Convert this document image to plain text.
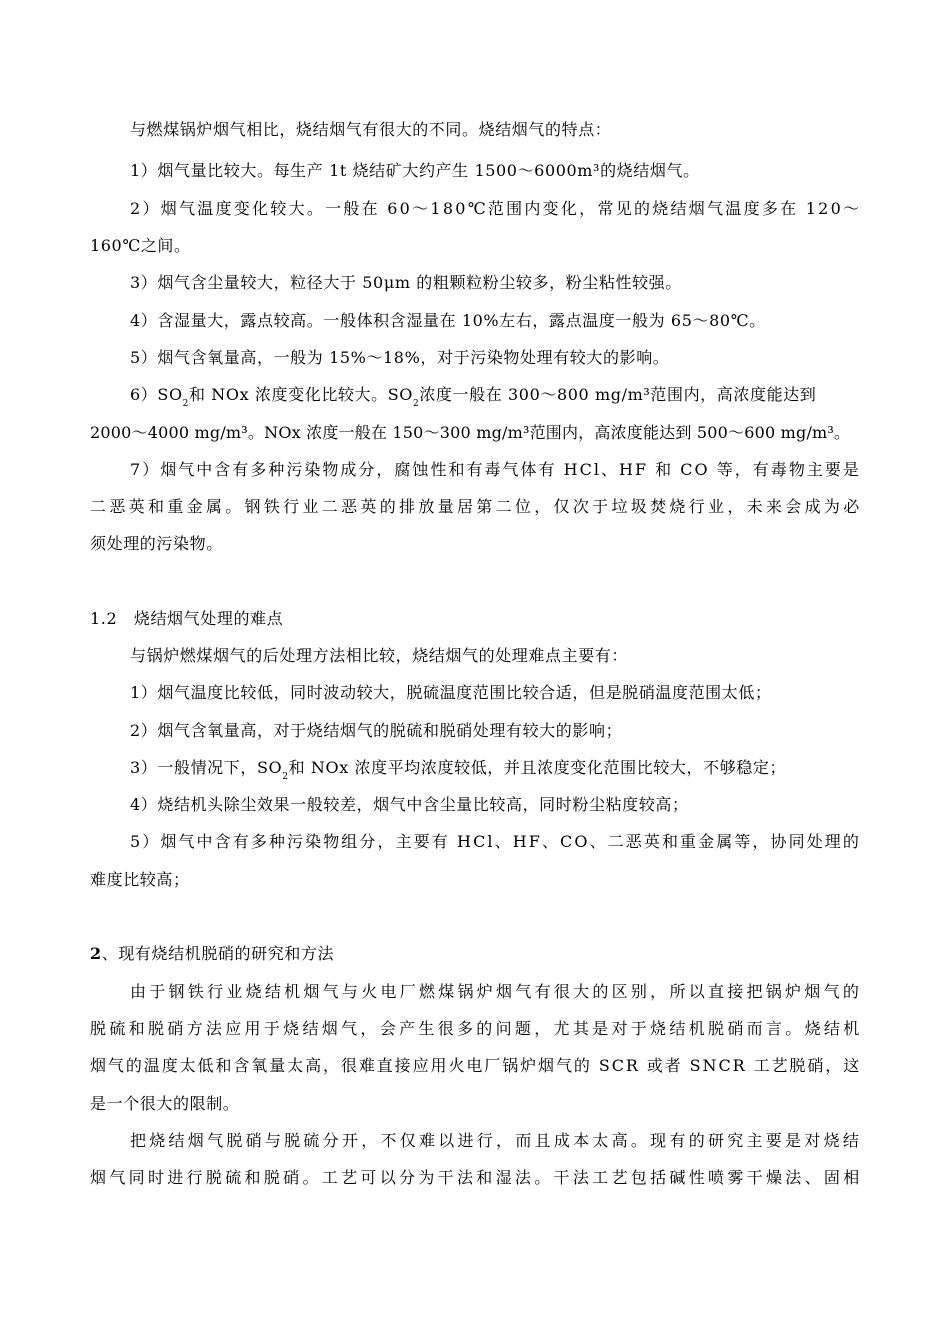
与燃煤锅炉烟气相比，烧结烟气有很大的不同。烧结烟气的特点：
1）烟气量比较大。每生产 1t 烧结矿大约产生 1500～6000m³的烧结烟气。
2 ） 烟 气 温 度 变 化 较 大 。 一 般 在
6 0 ～ 1 8 0 ℃ 范 围 内 变 化 ， 常 见 的 烧 结 烟 气 温 度 多 在
1 2 0 ～
160℃之间。
3）烟气含尘量较大，粒径大于 50μm 的粗颗粒粉尘较多，粉尘粘性较强。
4）含湿量大，露点较高。一般体积含湿量在 10%左右，露点温度一般为 65～80℃。
5）烟气含氧量高，一般为 15%～18%，对于污染物处理有较大的影响。
$6)SO_2$和 NOx 浓度变化比较大。$SO_2$浓度一般在 300～800 mg/m³范围内，高浓度能达到
2000～4000 mg/m³。NOx 浓度一般在 150～300 mg/m³范围内，高浓度能达到 500～600 mg/m³。
7 ） 烟 气 中 含 有 多 种 污 染 物 成 分 ， 腐 蚀 性 和 有 毒 气 体 有
H C l 、 H F
和
C O
等 ， 有 毒 物 主 要 是
二 恶 英 和 重 金 属 。 钢 铁 行 业 二 恶 英 的 排 放 量 居 第 二 位 ， 仅 次 于 垃 圾 焚 烧 行 业 ， 未 来 会 成 为 必
须处理的污染物。
1.2　烧结烟气处理的难点
与锅炉燃煤烟气的后处理方法相比较，烧结烟气的处理难点主要有：
1）烟气温度比较低，同时波动较大，脱硫温度范围比较合适，但是脱硝温度范围太低；
2）烟气含氧量高，对于烧结烟气的脱硫和脱硝处理有较大的影响；
3）一般情况下，$SO_2$和 NOx 浓度平均浓度较低，并且浓度变化范围比较大，不够稳定；
4）烧结机头除尘效果一般较差，烟气中含尘量比较高，同时粉尘粘度较高；
5 ） 烟 气 中 含 有 多 种 污 染 物 组 分 ， 主 要 有
H C l 、 H F 、 C O 、 二 恶 英 和 重 金 属 等 ， 协 同 处 理 的
难度比较高；
2、现有烧结机脱硝的研究和方法
由 于 钢 铁 行 业 烧 结 机 烟 气 与 火 电 厂 燃 煤 锅 炉 烟 气 有 很 大 的 区 别 ， 所 以 直 接 把 锅 炉 烟 气 的
脱 硫 和 脱 硝 方 法 应 用 于 烧 结 烟 气 ， 会 产 生 很 多 的 问 题 ， 尤 其 是 对 于 烧 结 机 脱 硝 而 言 。 烧 结 机
烟 气 的 温 度 太 低 和 含 氧 量 太 高 ， 很 难 直 接 应 用 火 电 厂 锅 炉 烟 气 的
S C R
或 者
S N C R
工 艺 脱 硝 ， 这
是一个很大的限制。
把 烧 结 烟 气 脱 硝 与 脱 硫 分 开 ， 不 仅 难 以 进 行 ， 而 且 成 本 太 高 。 现 有 的 研 究 主 要 是 对 烧 结
烟 气 同 时 进 行 脱 硫 和 脱 硝 。 工 艺 可 以 分 为 干 法 和 湿 法 。 干 法 工 艺 包 括 碱 性 喷 雾 干 燥 法 、 固 相
